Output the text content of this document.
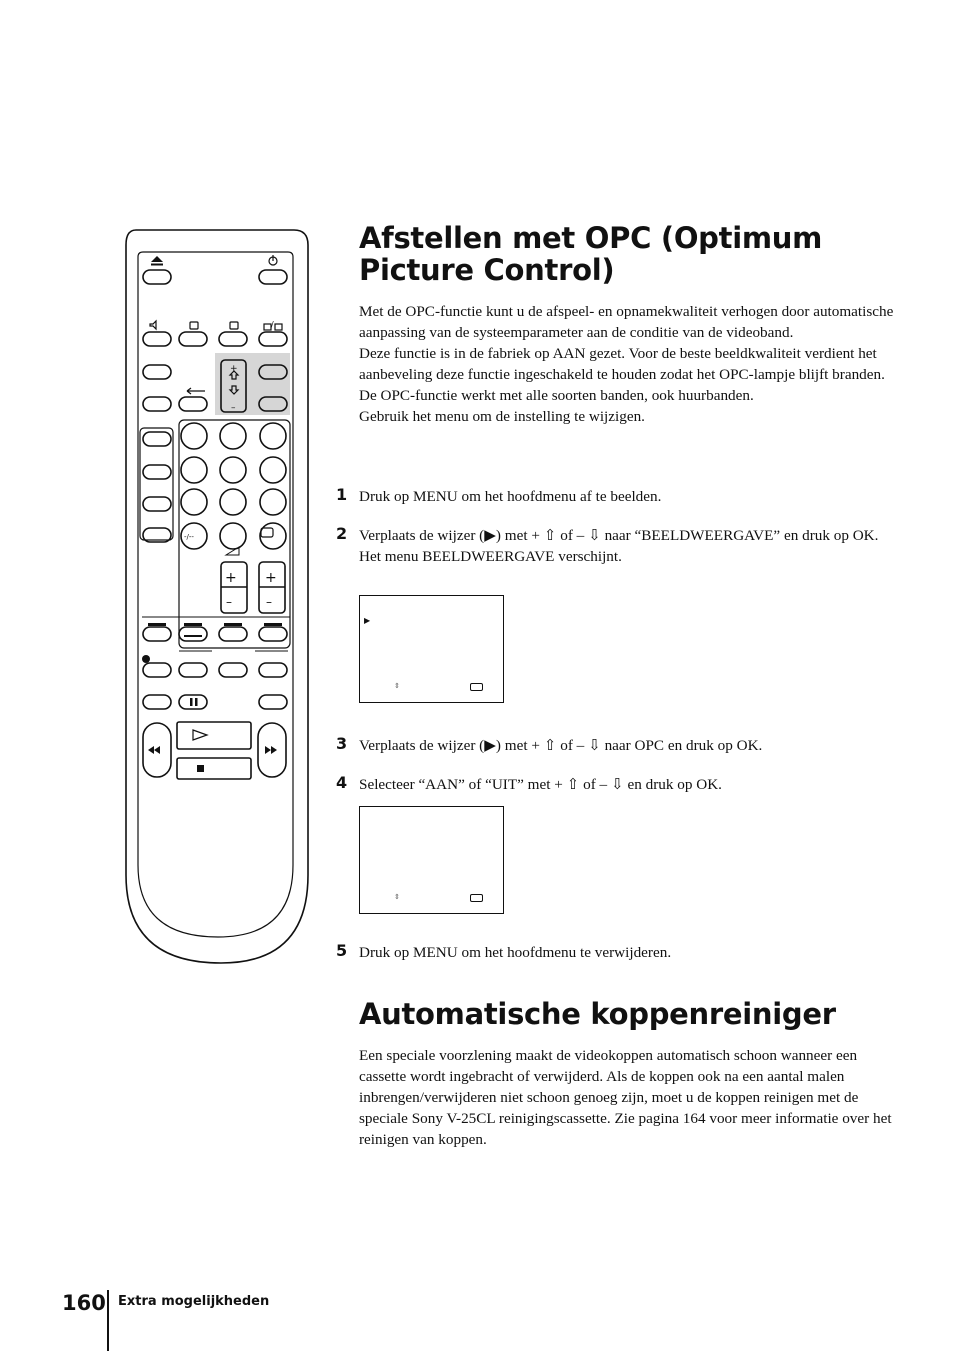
+
–
+
–
+
–
-/--
/
Afstellen met OPC (Optimum
Picture Control)
Met de OPC-functie kunt u de afspeel- en opnamekwaliteit verhogen door automatische aanpassing van de systeemparameter aan de conditie van de videoband.
Deze functie is in de fabriek op AAN gezet. Voor de beste beeldkwaliteit verdient het aanbeveling deze functie ingeschakeld te houden zodat het OPC-lampje blijft branden. De OPC-functie werkt met alle soorten banden, ook huurbanden.
Gebruik het menu om de instelling te wijzigen.
1 Druk op MENU om het hoofdmenu af te beelden.
2 Verplaats de wijzer (▶) met + ⇧ of – ⇩ naar “BEELDWEERGAVE” en druk op OK.
Het menu BEELDWEERGAVE verschijnt.
▶
⇳
3 Verplaats de wijzer (▶) met + ⇧ of – ⇩ naar OPC en druk op OK.
4 Selecteer “AAN” of “UIT” met + ⇧ of – ⇩ en druk op OK.
⇳
5 Druk op MENU om het hoofdmenu te verwijderen.
Automatische koppenreiniger
Een speciale voorzlening maakt de videokoppen automatisch schoon wanneer een cassette wordt ingebracht of verwijderd. Als de koppen ook na een aantal malen inbrengen/verwijderen niet schoon genoeg zijn, moet u de koppen reinigen met de speciale Sony V-25CL reinigingscassette. Zie pagina 164 voor meer informatie over het reinigen van koppen.
160 Extra mogelijkheden
